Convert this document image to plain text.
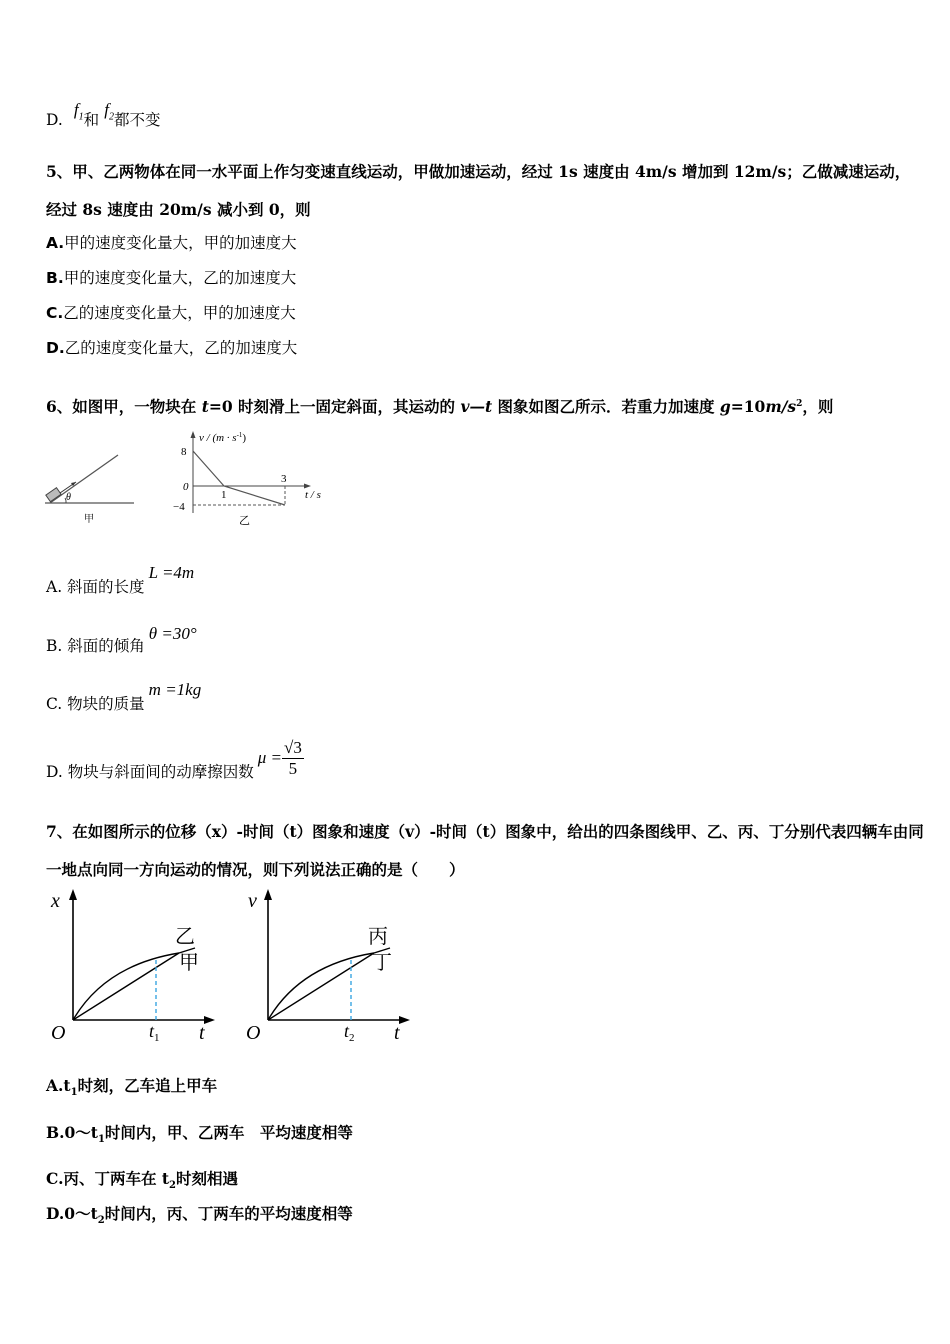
D. $f_1$和 $f_2$都不变
5、甲、乙两物体在同一水平面上作匀变速直线运动，甲做加速运动，经过 1s 速度由 4m/s 增加到 12m/s；乙做减速运动，
经过 8s 速度由 20m/s 减小到 0，则
A.甲的速度变化量大，甲的加速度大
B.甲的速度变化量大，乙的加速度大
C.乙的速度变化量大，甲的加速度大
D.乙的速度变化量大，乙的加速度大
6、如图甲，一物块在 t=0 时刻滑上一固定斜面，其运动的 v—t 图象如图乙所示．若重力加速度 $g=10m/s^2$，则
θ
甲
$v / (m \cdot s^{-1})$
t / s
8
0
−4
1
3
乙
A. 斜面的长度L =4m
B. 斜面的倾角θ =30°
C. 物块的质量m =1kg
D. 物块与斜面间的动摩擦因数$\mu = \frac{√3}{5}$
7、在如图所示的位移（x）-时间（t）图象和速度（v）-时间（t）图象中，给出的四条图线甲、乙、丙、丁分别代表四辆车由同
一地点向同一方向运动的情况，则下列说法正确的是（　　）
x
t
O	$t_1$
乙
甲
v
t
O	$t_2$
丙
丁
$A.t_1$时刻，乙车追上甲车
$B.0\sim t_1$时间内，甲、乙两车　平均速度相等
C.丙、丁两车在 $t_2$时刻相遇
$D.0\sim t_2$时间内，丙、丁两车的平均速度相等
